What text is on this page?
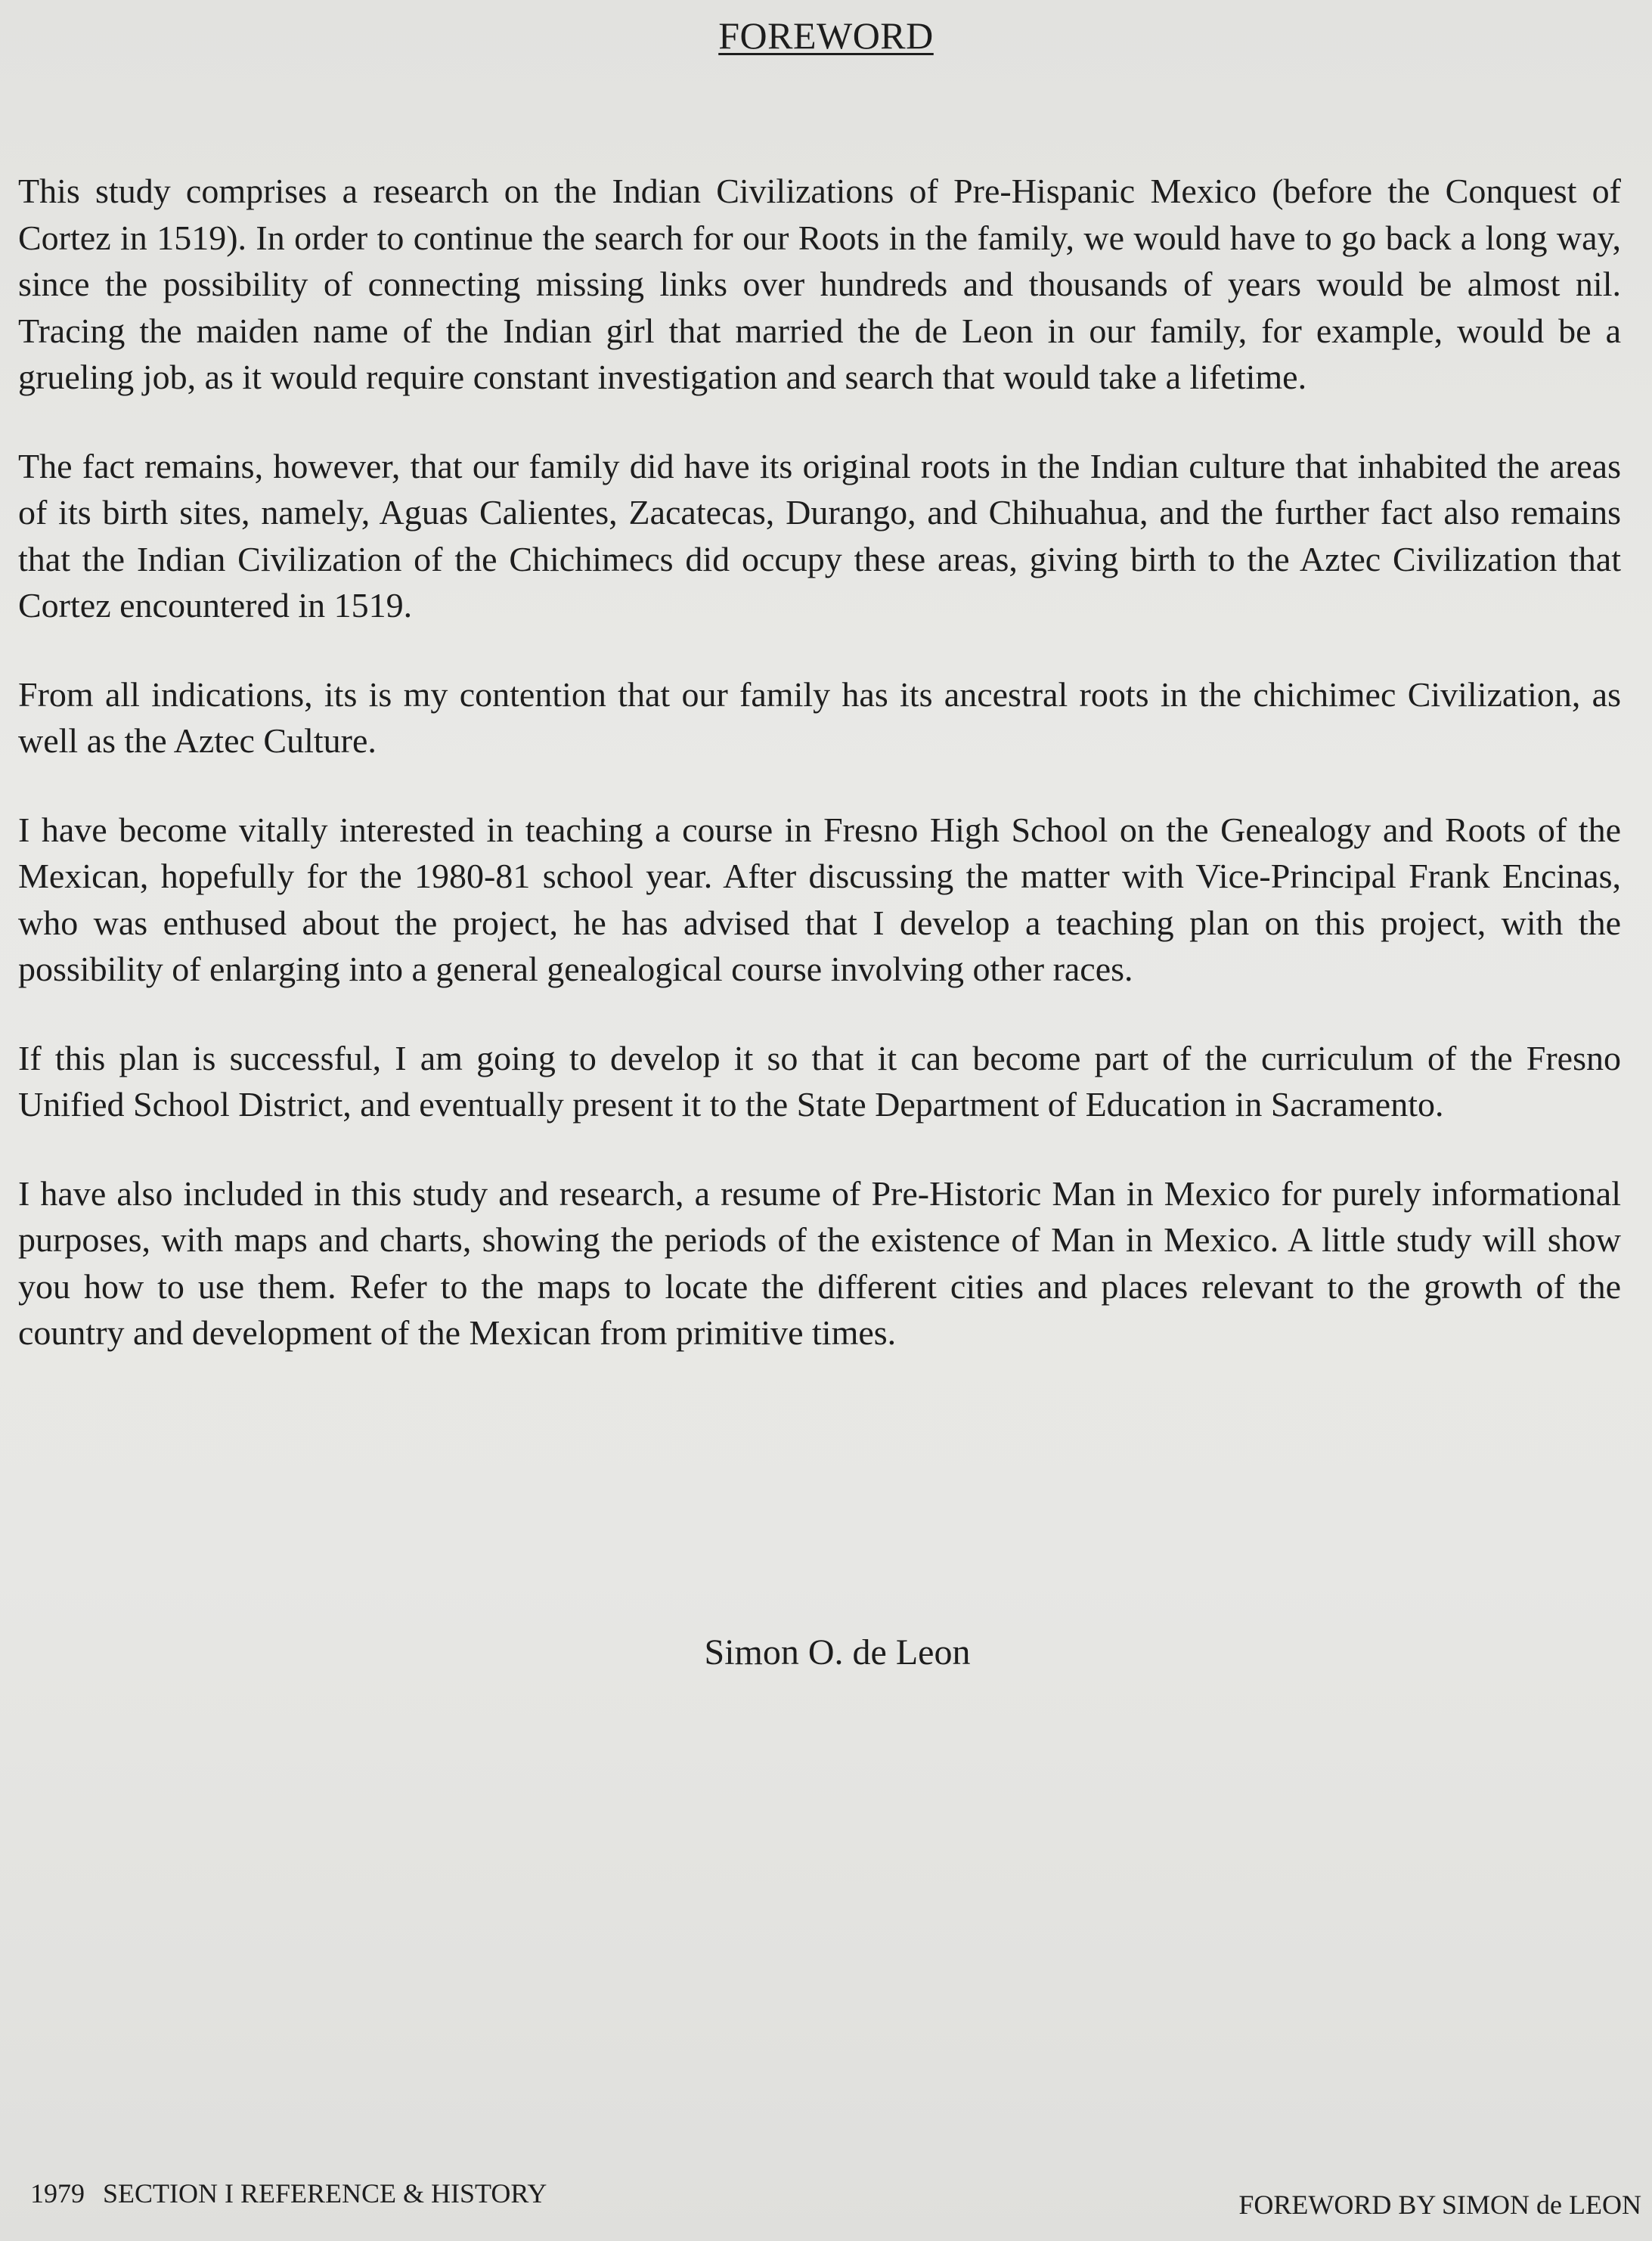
FOREWORD

This study comprises a research on the Indian Civilizations of Pre-Hispanic Mexico (before the Conquest of Cortez in 1519). In order to continue the search for our Roots in the family, we would have to go back a long way, since the possibility of connecting missing links over hundreds and thousands of years would be almost nil. Tracing the maiden name of the Indian girl that married the de Leon in our family, for example, would be a grueling job, as it would require constant investigation and search that would take a lifetime.

The fact remains, however, that our family did have its original roots in the Indian culture that inhabited the areas of its birth sites, namely, Aguas Calientes, Zacatecas, Durango, and Chihuahua, and the further fact also remains that the Indian Civilization of the Chichimecs did occupy these areas, giving birth to the Aztec Civilization that Cortez encountered in 1519.

From all indications, its is my contention that our family has its ancestral roots in the chichimec Civilization, as well as the Aztec Culture.

I have become vitally interested in teaching a course in Fresno High School on the Genealogy and Roots of the Mexican, hopefully for the 1980-81 school year. After discussing the matter with Vice-Principal Frank Encinas, who was enthused about the project, he has advised that I develop a teaching plan on this project, with the possibility of enlarging into a general genealogical course involving other races.

If this plan is successful, I am going to develop it so that it can become part of the curriculum of the Fresno Unified School District, and eventually present it to the State Department of Education in Sacramento.

I have also included in this study and research, a resume of Pre-Historic Man in Mexico for purely informational purposes, with maps and charts, showing the periods of the existence of Man in Mexico. A little study will show you how to use them. Refer to the maps to locate the different cities and places relevant to the growth of the country and development of the Mexican from primitive times.

Simon O. de Leon
1979 SECTION I REFERENCE & HISTORY	FOREWORD BY SIMON de LEON
